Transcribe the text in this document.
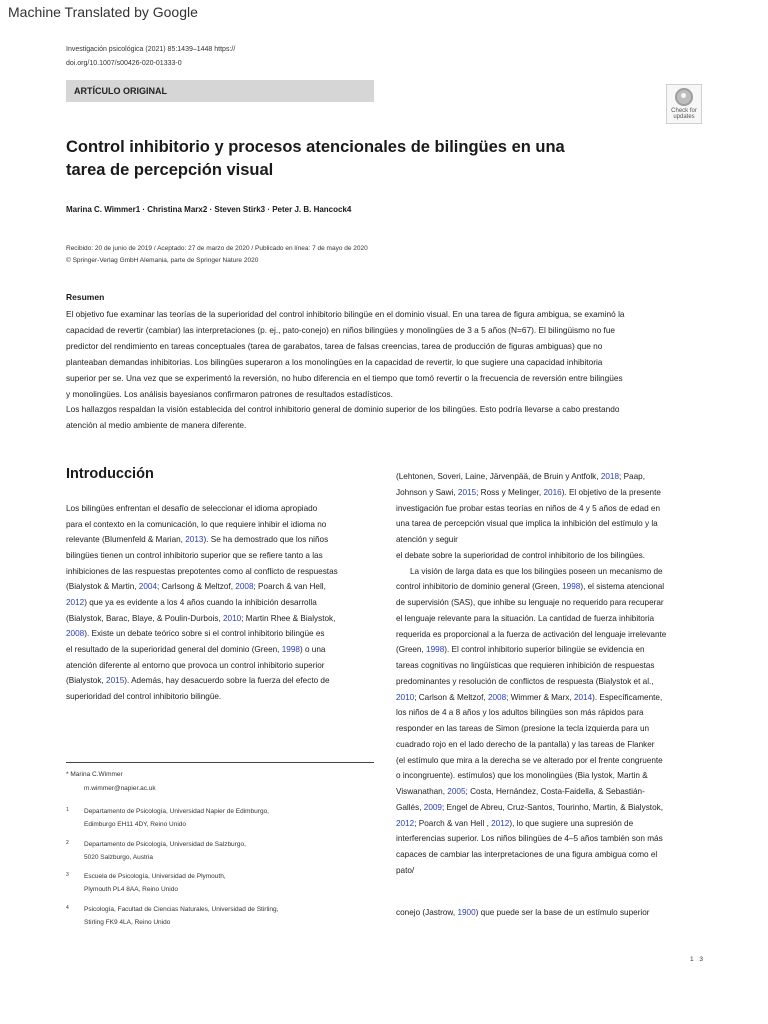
Machine Translated by Google
Investigación psicológica (2021) 85:1439–1448 https://
doi.org/10.1007/s00426-020-01333-0
ARTÍCULO ORIGINAL
Check for
updates
Control inhibitorio y procesos atencionales de bilingües en una
tarea de percepción visual
Marina C. Wimmer1 · Christina Marx2 · Steven Stirk3 · Peter J. B. Hancock4
Recibido: 20 de junio de 2019 / Aceptado: 27 de marzo de 2020 / Publicado en línea: 7 de mayo de 2020
© Springer-Verlag GmbH Alemania, parte de Springer Nature 2020
Resumen

El objetivo fue examinar las teorías de la superioridad del control inhibitorio bilingüe en el dominio visual. En una tarea de figura ambigua, se examinó la

capacidad de revertir (cambiar) las interpretaciones (p. ej., pato-conejo) en niños bilingües y monolingües de 3 a 5 años (N=67). El bilingüismo no fue

predictor del rendimiento en tareas conceptuales (tarea de garabatos, tarea de falsas creencias, tarea de producción de figuras ambiguas) que no

planteaban demandas inhibitorias. Los bilingües superaron a los monolingües en la capacidad de revertir, lo que sugiere una capacidad inhibitoria

superior per se. Una vez que se experimentó la reversión, no hubo diferencia en el tiempo que tomó revertir o la frecuencia de reversión entre bilingües

y monolingües. Los análisis bayesianos confirmaron patrones de resultados estadísticos.

Los hallazgos respaldan la visión establecida del control inhibitorio general de dominio superior de los bilingües. Esto podría llevarse a cabo prestando

atención al medio ambiente de manera diferente.

Introducción

Los bilingües enfrentan el desafío de seleccionar el idioma apropiado

para el contexto en la comunicación, lo que requiere inhibir el idioma no

relevante (Blumenfeld & Marian, 2013). Se ha demostrado que los niños

bilingües tienen un control inhibitorio superior que se refiere tanto a las

inhibiciones de las respuestas prepotentes como al conflicto de respuestas

(Bialystok & Martin, 2004; Carlsong & Meltzof, 2008; Poarch & van Hell,

2012) que ya es evidente a los 4 años cuando la inhibición desarrolla

(Bialystok, Barac, Blaye, & Poulin-Durbois, 2010; Martin Rhee & Bialystok,

2008). Existe un debate teórico sobre si el control inhibitorio bilingüe es

el resultado de la superioridad general del dominio (Green, 1998) o una

atención diferente al entorno que provoca un control inhibitorio superior

(Bialystok, 2015). Además, hay desacuerdo sobre la fuerza del efecto de

superioridad del control inhibitorio bilingüe.

(Lehtonen, Soveri, Laine, Järvenpää, de Bruin y Antfolk, 2018; Paap,

Johnson y Sawi, 2015; Ross y Melinger, 2016). El objetivo de la presente

investigación fue probar estas teorías en niños de 4 y 5 años de edad en

una tarea de percepción visual que implica la inhibición del estímulo y la

atención y seguir

el debate sobre la superioridad de control inhibitorio de los bilingües.

La visión de larga data es que los bilingües poseen un mecanismo de

control inhibitorio de dominio general (Green, 1998), el sistema atencional

de supervisión (SAS), que inhibe su lenguaje no requerido para recuperar

el lenguaje relevante para la situación. La cantidad de fuerza inhibitoria

requerida es proporcional a la fuerza de activación del lenguaje irrelevante

(Green, 1998). El control inhibitorio superior bilingüe se evidencia en

tareas cognitivas no lingüísticas que requieren inhibición de respuestas

predominantes y resolución de conflictos de respuesta (Bialystok et al.,

2010; Carlson & Meltzof, 2008; Wimmer & Marx, 2014). Específicamente,

los niños de 4 a 8 años y los adultos bilingües son más rápidos para

responder en las tareas de Simon (presione la tecla izquierda para un

cuadrado rojo en el lado derecho de la pantalla) y las tareas de Flanker

(el estímulo que mira a la derecha se ve alterado por el frente congruente

o incongruente). estímulos) que los monolingües (Bia lystok, Martin &

Viswanathan, 2005; Costa, Hernández, Costa-Faidella, & Sebastián-

Gallés, 2009; Engel de Abreu, Cruz-Santos, Tourinho, Martin, & Bialystok,

2012; Poarch & van Hell , 2012), lo que sugiere una supresión de

interferencias superior. Los niños bilingües de 4–5 años también son más

capaces de cambiar las interpretaciones de una figura ambigua como el

pato/

* Marina C.Wimmer
m.wimmer@napier.ac.uk
1	Departamento de Psicología, Universidad Napier de Edimburgo,
Edimburgo EH11 4DY, Reino Unido
2	Departamento de Psicología, Universidad de Salzburgo,
5020 Salzburgo, Austria
3	Escuela de Psicología, Universidad de Plymouth,
Plymouth PL4 8AA, Reino Unido
4	Psicología, Facultad de Ciencias Naturales, Universidad de Stirling,
Stirling FK9 4LA, Reino Unido
conejo (Jastrow, 1900) que puede ser la base de un estímulo superior
1 3
